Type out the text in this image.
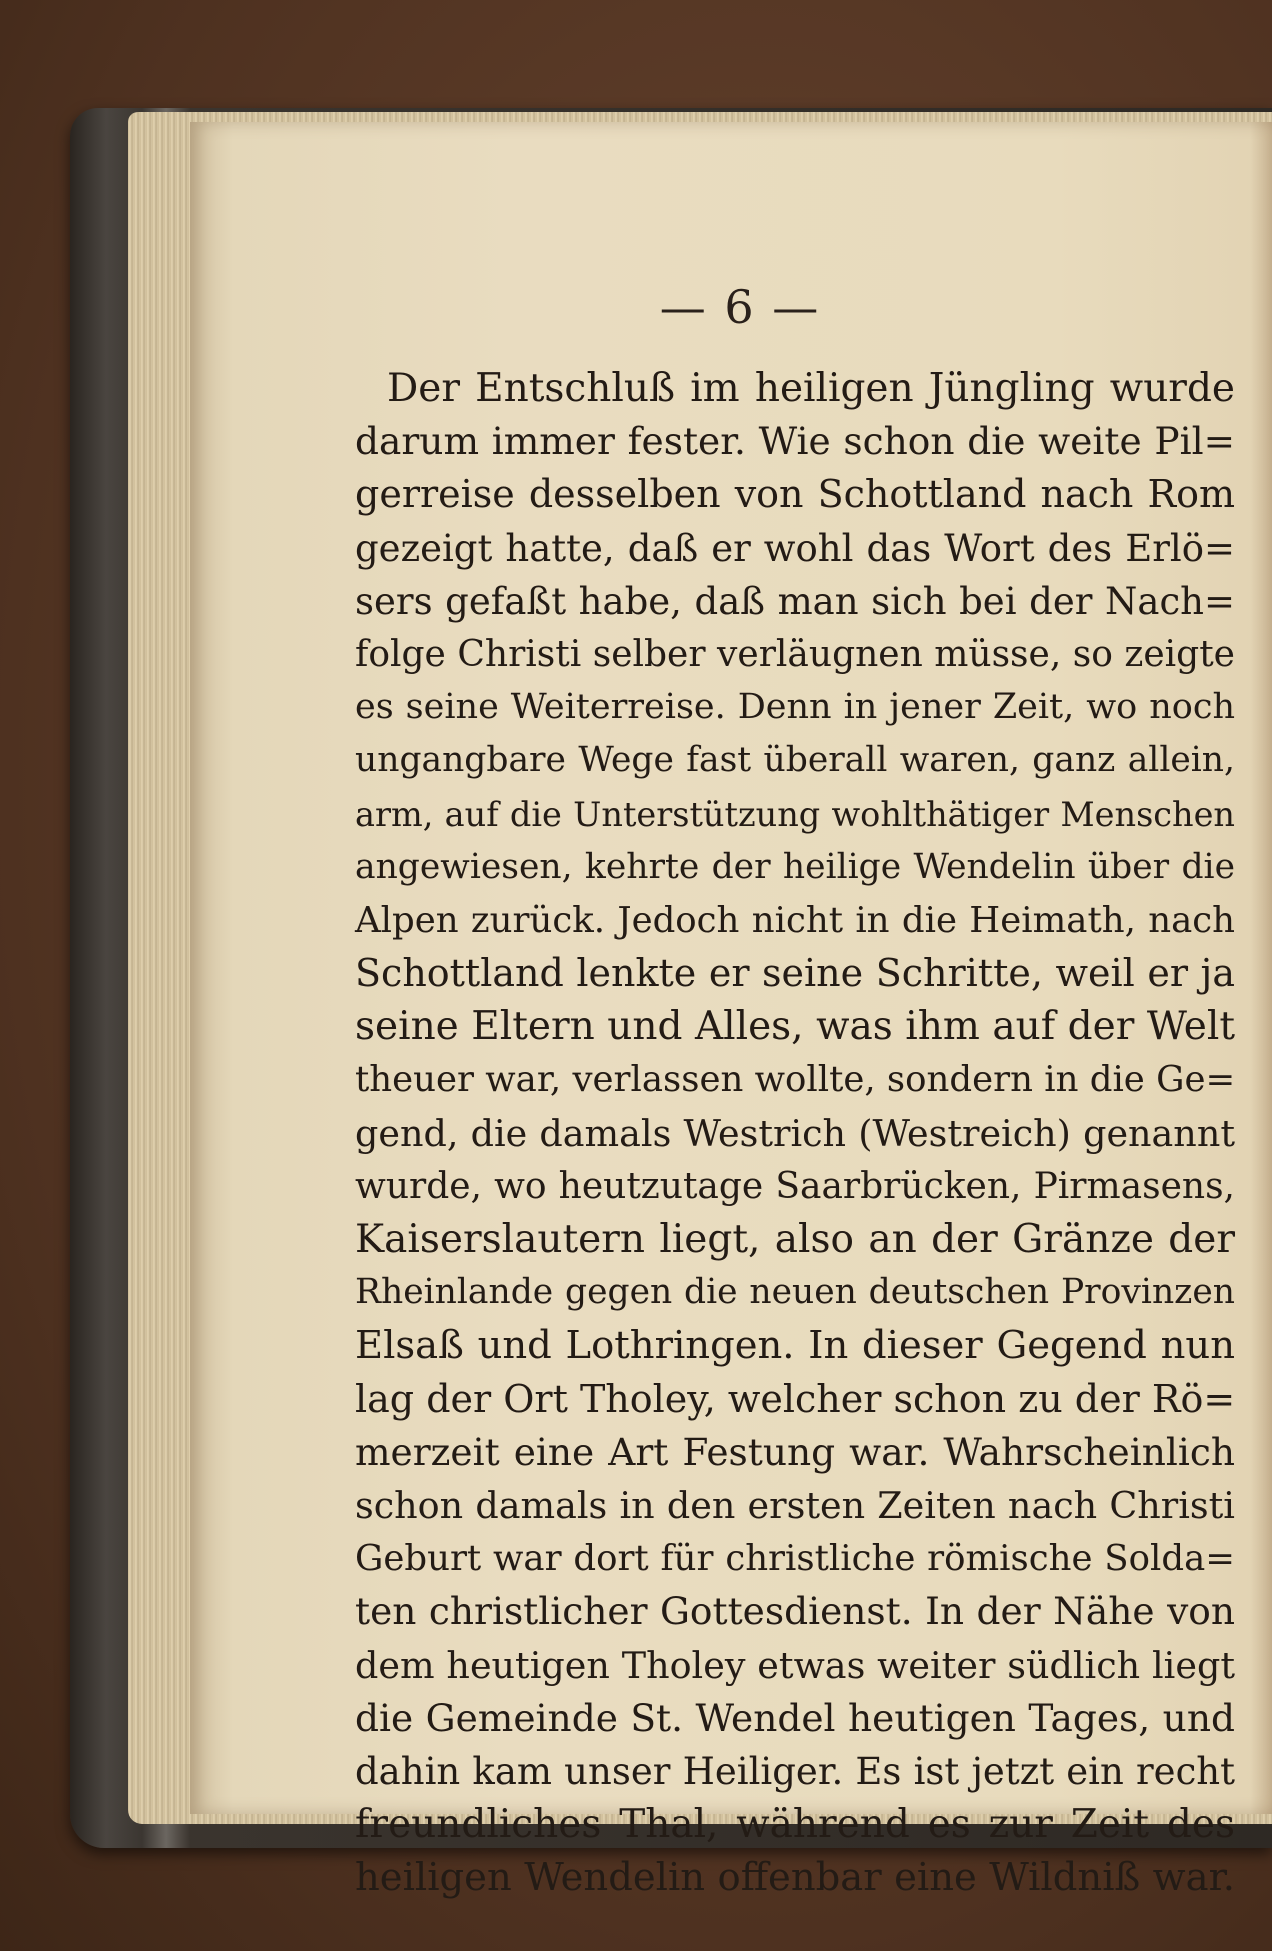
— 6 —
Der Entschluß im heiligen Jüngling wurde
darum immer fester. Wie schon die weite Pil=
gerreise desselben von Schottland nach Rom
gezeigt hatte, daß er wohl das Wort des Erlö=
sers gefaßt habe, daß man sich bei der Nach=
folge Christi selber verläugnen müsse, so zeigte
es seine Weiterreise. Denn in jener Zeit, wo noch
ungangbare Wege fast überall waren, ganz allein,
arm, auf die Unterstützung wohlthätiger Menschen
angewiesen, kehrte der heilige Wendelin über die
Alpen zurück. Jedoch nicht in die Heimath, nach
Schottland lenkte er seine Schritte, weil er ja
seine Eltern und Alles, was ihm auf der Welt
theuer war, verlassen wollte, sondern in die Ge=
gend, die damals Westrich (Westreich) genannt
wurde, wo heutzutage Saarbrücken, Pirmasens,
Kaiserslautern liegt, also an der Gränze der
Rheinlande gegen die neuen deutschen Provinzen
Elsaß und Lothringen. In dieser Gegend nun
lag der Ort Tholey, welcher schon zu der Rö=
merzeit eine Art Festung war. Wahrscheinlich
schon damals in den ersten Zeiten nach Christi
Geburt war dort für christliche römische Solda=
ten christlicher Gottesdienst. In der Nähe von
dem heutigen Tholey etwas weiter südlich liegt
die Gemeinde St. Wendel heutigen Tages, und
dahin kam unser Heiliger. Es ist jetzt ein recht
freundliches Thal, während es zur Zeit des
heiligen Wendelin offenbar eine Wildniß war.
